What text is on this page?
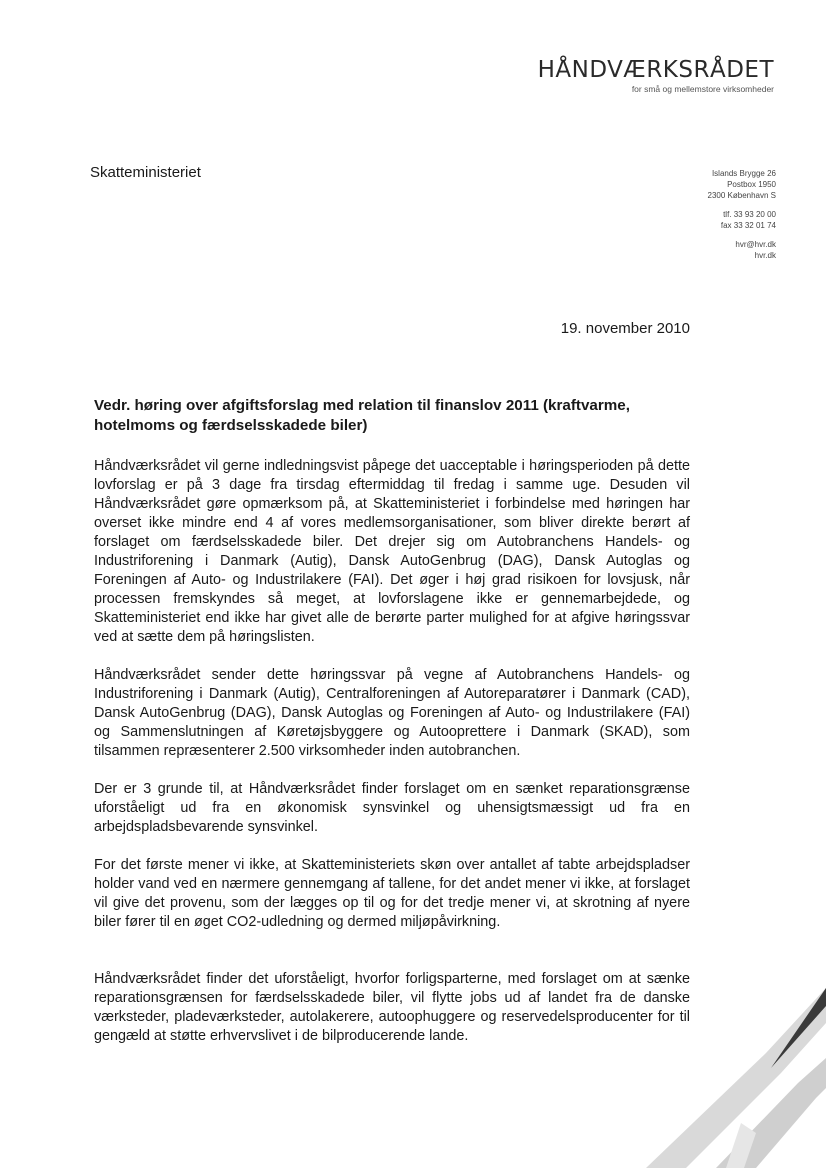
HÅNDVÆRKSRÅDET
for små og mellemstore virksomheder
Skatteministeriet	Islands Brygge 26
Postbox 1950
2300 København S
tlf. 33 93 20 00
fax 33 32 01 74
hvr@hvr.dk
hvr.dk
19. november 2010

Vedr. høring over afgiftsforslag med relation til finanslov 2011 (kraftvarme, hotelmoms og færdselsskadede biler)

Håndværksrådet vil gerne indledningsvist påpege det uacceptable i høringsperioden på dette lovforslag er på 3 dage fra tirsdag eftermiddag til fredag i samme uge. Desuden vil Håndværksrådet gøre opmærksom på, at Skatteministeriet i forbindelse med høringen har overset ikke mindre end 4 af vores medlemsorganisationer, som bliver direkte berørt af forslaget om færdselsskadede biler. Det drejer sig om Autobranchens Handels- og Industriforening i Danmark (Autig), Dansk AutoGenbrug (DAG), Dansk Autoglas og Foreningen af Auto- og Industrilakere (FAI). Det øger i høj grad risikoen for lovsjusk, når processen fremskyndes så meget, at lovforslagene ikke er gennemarbejdede, og Skatteministeriet end ikke har givet alle de berørte parter mulighed for at afgive høringssvar ved at sætte dem på høringslisten.

Håndværksrådet sender dette høringssvar på vegne af Autobranchens Handels- og Industriforening i Danmark (Autig), Centralforeningen af Autoreparatører i Danmark (CAD), Dansk AutoGenbrug (DAG), Dansk Autoglas og Foreningen af Auto- og Industrilakere (FAI) og Sammenslutningen af Køretøjsbyggere og Autooprettere i Danmark (SKAD), som tilsammen repræsenterer 2.500 virksomheder inden autobranchen.

Der er 3 grunde til, at Håndværksrådet finder forslaget om en sænket reparationsgrænse uforståeligt ud fra en økonomisk synsvinkel og uhensigtsmæssigt ud fra en arbejdspladsbevarende synsvinkel.

For det første mener vi ikke, at Skatteministeriets skøn over antallet af tabte arbejdspladser holder vand ved en nærmere gennemgang af tallene, for det andet mener vi ikke, at forslaget vil give det provenu, som der lægges op til og for det tredje mener vi, at skrotning af nyere biler fører til en øget CO2-udledning og dermed miljøpåvirkning.

Håndværksrådet finder det uforståeligt, hvorfor forligsparterne, med forslaget om at sænke reparationsgrænsen for færdselsskadede biler, vil flytte jobs ud af landet fra de danske værksteder, pladeværksteder, autolakerere, autoophuggere og reservedelsproducenter for til gengæld at støtte erhvervslivet i de bilproducerende lande.
